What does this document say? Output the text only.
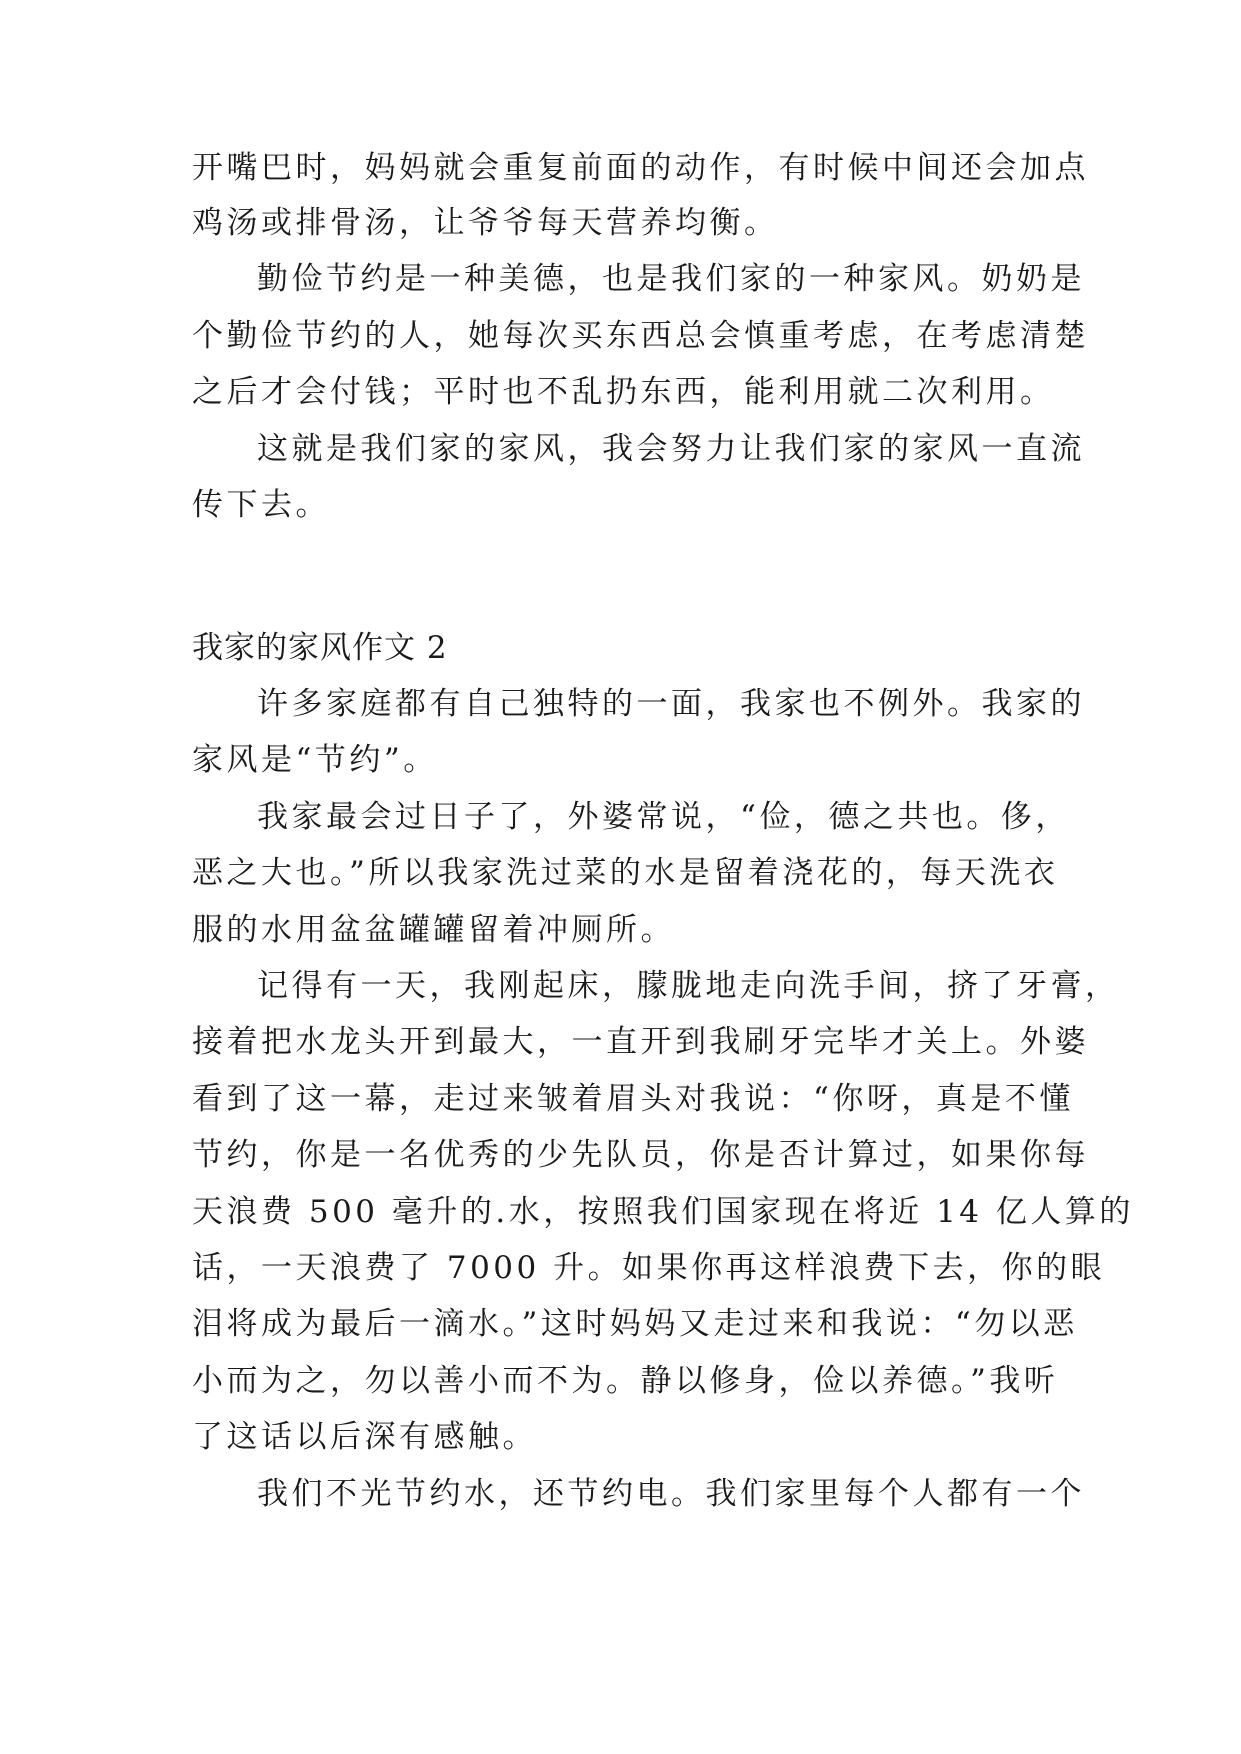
开嘴巴时，妈妈就会重复前面的动作，有时候中间还会加点
鸡汤或排骨汤，让爷爷每天营养均衡。
勤俭节约是一种美德，也是我们家的一种家风。奶奶是
个勤俭节约的人，她每次买东西总会慎重考虑，在考虑清楚
之后才会付钱；平时也不乱扔东西，能利用就二次利用。
这就是我们家的家风，我会努力让我们家的家风一直流
传下去。
我家的家风作文 2
许多家庭都有自己独特的一面，我家也不例外。我家的
家风是“节约”。
我家最会过日子了，外婆常说，“俭，德之共也。侈，
恶之大也。”所以我家洗过菜的水是留着浇花的，每天洗衣
服的水用盆盆罐罐留着冲厕所。
记得有一天，我刚起床，朦胧地走向洗手间，挤了牙膏，
接着把水龙头开到最大，一直开到我刷牙完毕才关上。外婆
看到了这一幕，走过来皱着眉头对我说：“你呀，真是不懂
节约，你是一名优秀的少先队员，你是否计算过，如果你每
天浪费 500 毫升的.水，按照我们国家现在将近 14 亿人算的
话，一天浪费了 7000 升。如果你再这样浪费下去，你的眼
泪将成为最后一滴水。”这时妈妈又走过来和我说：“勿以恶
小而为之，勿以善小而不为。静以修身，俭以养德。”我听
了这话以后深有感触。
我们不光节约水，还节约电。我们家里每个人都有一个
